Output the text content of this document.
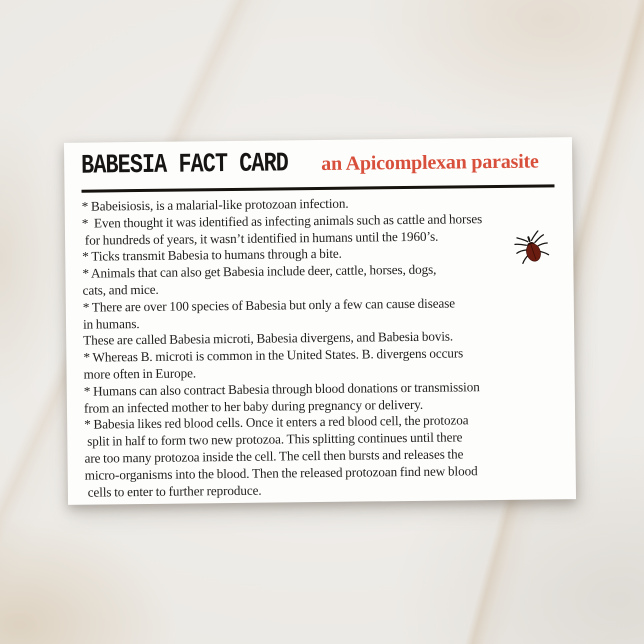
BABESIA FACT CARD	an Apicomplexan parasite
* Babeisiosis, is a malarial-like protozoan infection.
*  Even thought it was identified as infecting animals such as cattle and horses
for hundreds of years, it wasn’t identified in humans until the 1960’s.
* Ticks transmit Babesia to humans through a bite.
* Animals that can also get Babesia include deer, cattle, horses, dogs,
cats, and mice.
* There are over 100 species of Babesia but only a few can cause disease
in humans.
These are called Babesia microti, Babesia divergens, and Babesia bovis.
* Whereas B. microti is common in the United States. B. divergens occurs
more often in Europe.
* Humans can also contract Babesia through blood donations or transmission
from an infected mother to her baby during pregnancy or delivery.
* Babesia likes red blood cells. Once it enters a red blood cell, the protozoa
split in half to form two new protozoa. This splitting continues until there
are too many protozoa inside the cell. The cell then bursts and releases the
micro-organisms into the blood. Then the released protozoan find new blood
cells to enter to further reproduce.
